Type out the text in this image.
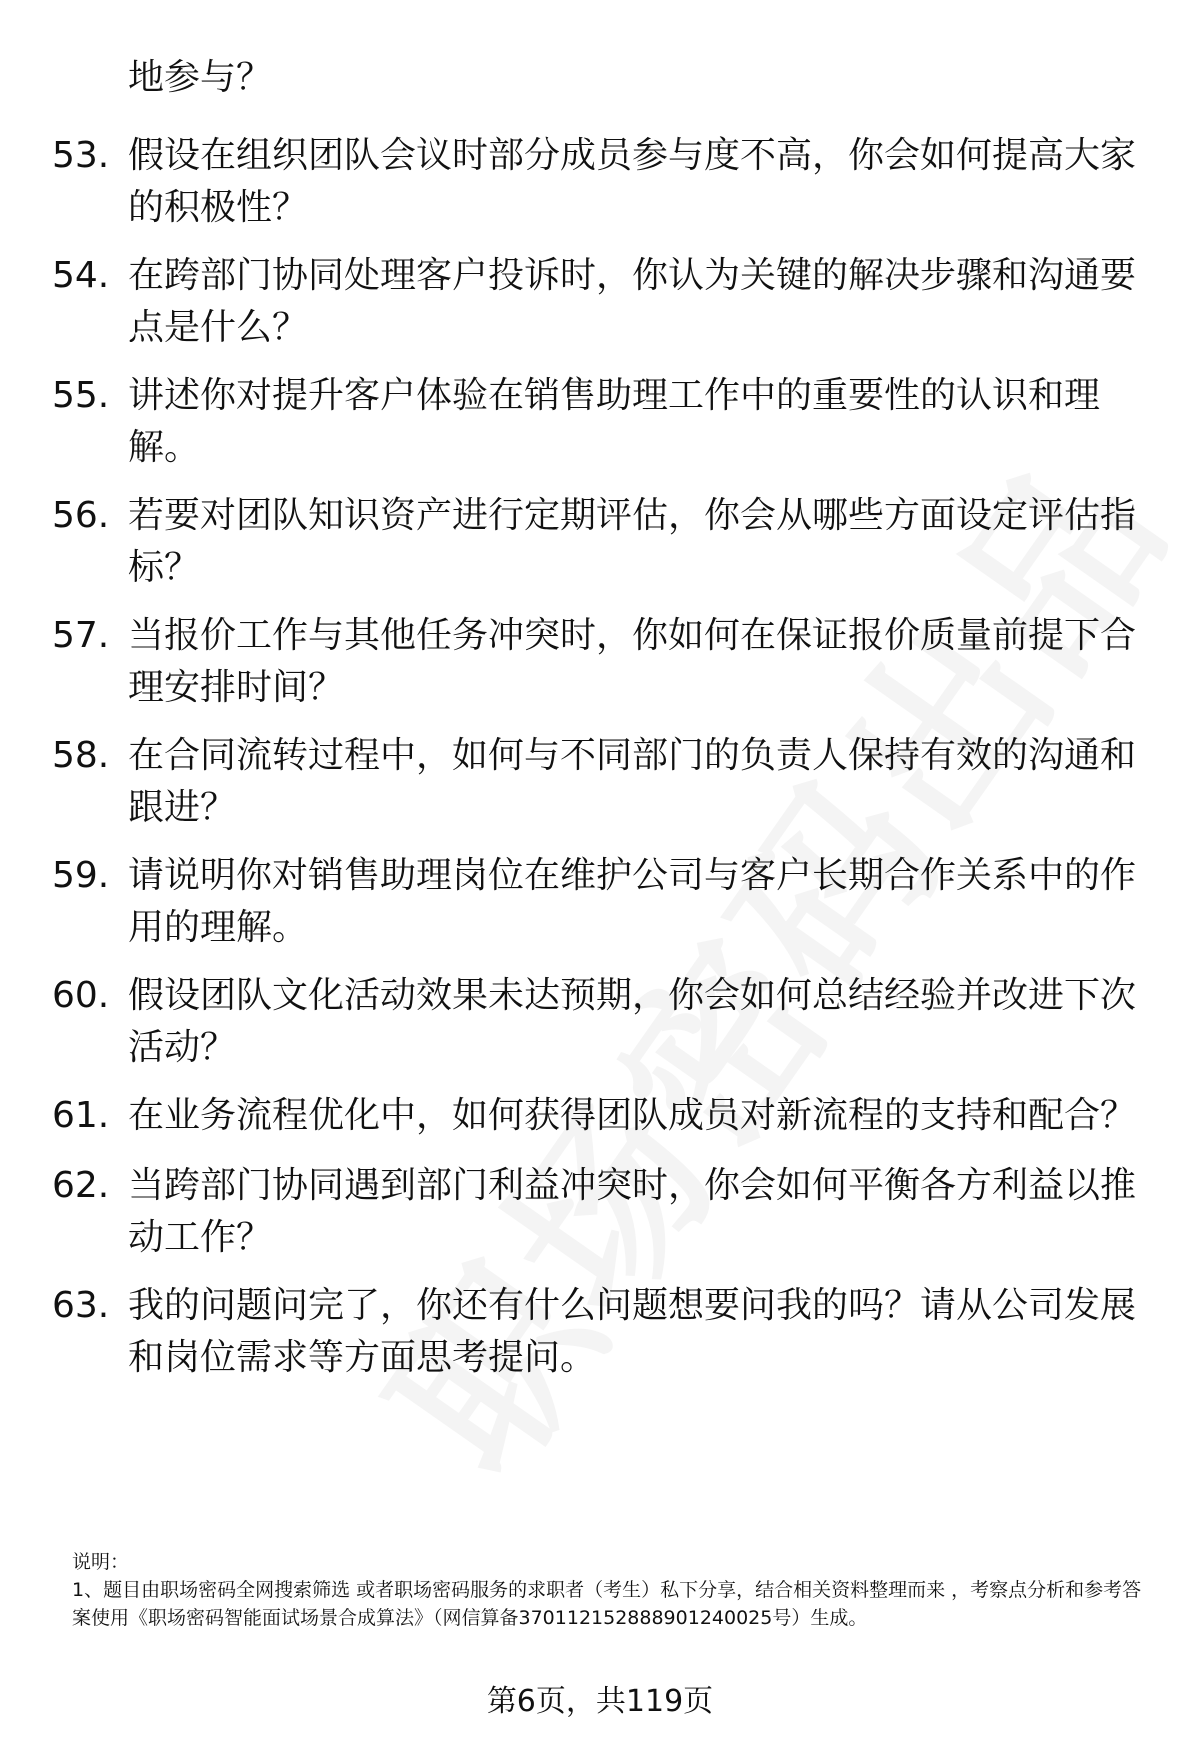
地参与？
53. 假设在组织团队会议时部分成员参与度不高，你会如何提高大家的积极性？
54. 在跨部门协同处理客户投诉时，你认为关键的解决步骤和沟通要点是什么？
55. 讲述你对提升客户体验在销售助理工作中的重要性的认识和理解。
56. 若要对团队知识资产进行定期评估，你会从哪些方面设定评估指标？
57. 当报价工作与其他任务冲突时，你如何在保证报价质量前提下合理安排时间？
58. 在合同流转过程中，如何与不同部门的负责人保持有效的沟通和跟进？
59. 请说明你对销售助理岗位在维护公司与客户长期合作关系中的作用的理解。
60. 假设团队文化活动效果未达预期，你会如何总结经验并改进下次活动？
61. 在业务流程优化中，如何获得团队成员对新流程的支持和配合？
62. 当跨部门协同遇到部门利益冲突时，你会如何平衡各方利益以推动工作？
63. 我的问题问完了，你还有什么问题想要问我的吗？请从公司发展和岗位需求等方面思考提问。
说明：
1、题目由职场密码全网搜索筛选 或者职场密码服务的求职者（考生）私下分享，结合相关资料整理而来 ，考察点分析和参考答案使用《职场密码智能面试场景合成算法》（网信算备370112152888901240025号）生成。
第6页，共119页
